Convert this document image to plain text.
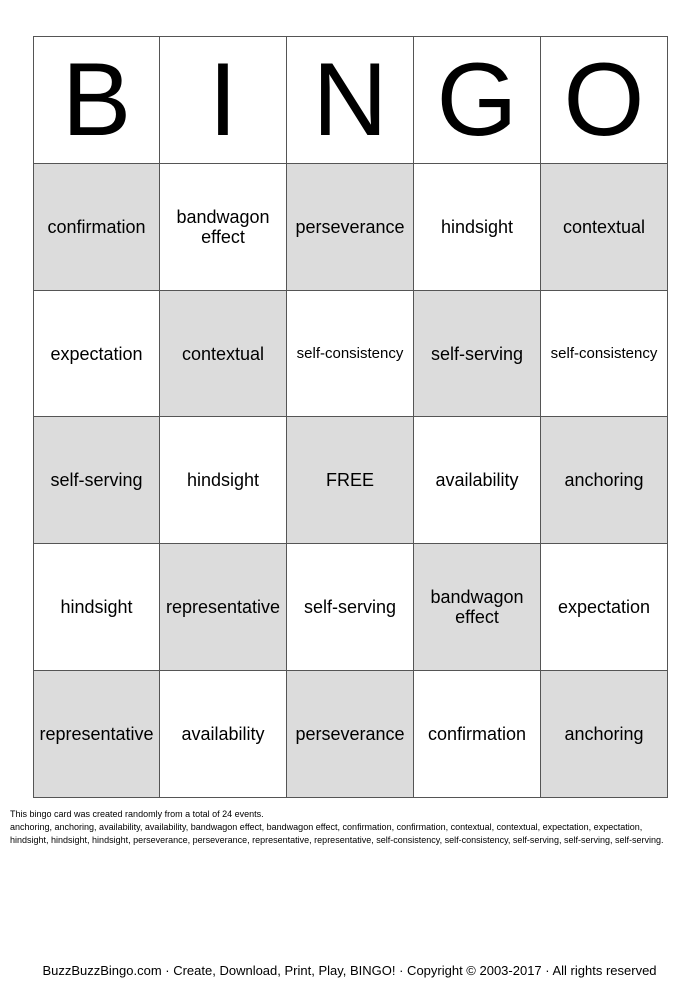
B I N G O
confirmation	bandwagon effect	perseverance	hindsight	contextual
expectation	contextual	self-consistency	self-serving	self-consistency
self-serving	hindsight	FREE	availability	anchoring
hindsight	representative	self-serving	bandwagon effect	expectation
representative	availability	perseverance	confirmation	anchoring
This bingo card was created randomly from a total of 24 events.
anchoring, anchoring, availability, availability, bandwagon effect, bandwagon effect, confirmation, confirmation, contextual, contextual, expectation, expectation, hindsight, hindsight, hindsight, perseverance, perseverance, representative, representative, self-consistency, self-consistency, self-serving, self-serving, self-serving.
BuzzBuzzBingo.com · Create, Download, Print, Play, BINGO! · Copyright © 2003-2017 · All rights reserved
